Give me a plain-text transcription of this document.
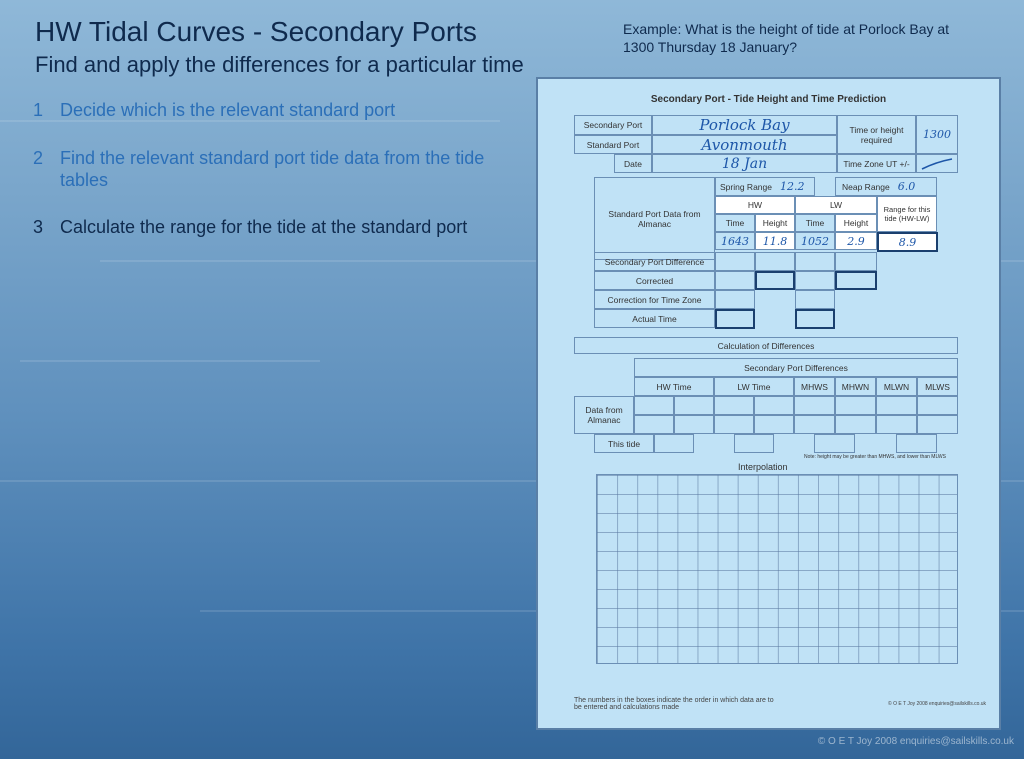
HW Tidal Curves - Secondary Ports
Find and apply the differences for a particular time
Example: What is the height of tide at Porlock Bay at 1300 Thursday 18 January?
1 Decide which is the relevant standard port
2 Find the relevant standard port tide data from the tide tables
3 Calculate the range for the tide at the standard port
Secondary Port - Tide Height and Time Prediction
Secondary Port	Porlock Bay
Standard Port	Avonmouth
Date	18 Jan
Time or height required	1300
Time Zone UT +/-
Standard Port Data from Almanac
Spring Range 12.2	Neap Range 6.0
HW	LW	Range for this tide (HW-LW)
Time	Height	Time	Height
1643	11.8	1052	2.9	8.9
Secondary Port Difference
Corrected
Correction for Time Zone
Actual Time
Calculation of Differences
Secondary Port Differences
HW Time	LW Time	MHWS	MHWN	MLWN	MLWS
Data from Almanac
This tide
Note: height may be greater than MHWS, and lower than MLWS
Interpolation
The numbers in the boxes indicate the order in which data are to be entered and calculations made	© O E T Joy 2008 enquiries@sailskills.co.uk
© O E T Joy 2008 enquiries@sailskills.co.uk
